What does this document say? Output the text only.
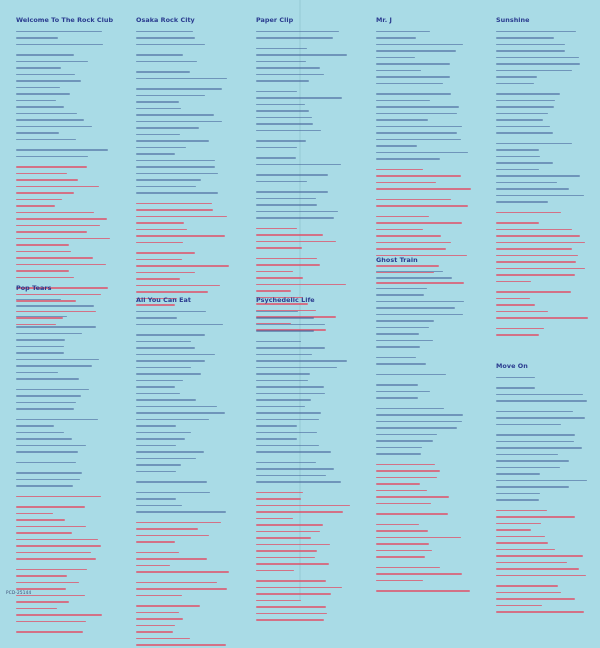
Welcome To The Rock Club
Pop Tears
Osaka Rock City
All You Can Eat
Paper Clip
Psychedelic Life
Mr. J
Ghost Train
Sunshine
Move On
PCD-25144
